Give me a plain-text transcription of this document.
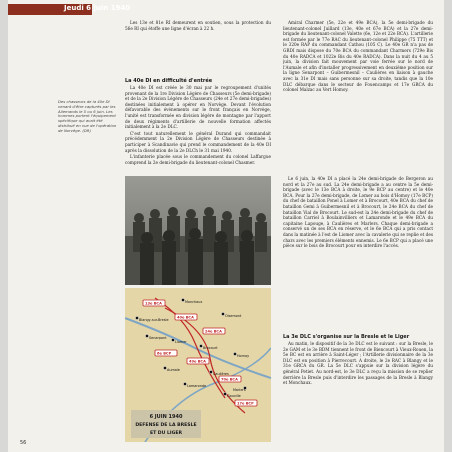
Jeudi 6 juin 1940
Des chasseurs de la 40e DI venant d'être capturés par les Allemands le 5 ou 6 juin. Les hommes portent l'équipement spécifique qui avait été distribué en vue de l'opération de Norvège. (DR)

Les 13e et 81e RI demeurent en soutien, sous la protection du 56e RI qui étoffe une ligne d'écran à 22 h.

La 40e DI en difficulté d'entrée

La 40e DI est créée le 30 mai par le regroupement d'unités provenant de la 1re Division Légère de Chasseurs (5e demi-brigade) et de la 2e Division Légère de Chasseurs (24e et 27e demi-brigades) destinées initialement à opérer en Norvège. Devant l'évolution défavorable des événements sur le front français en Norvège, l'unité est transformée en division légère de montagne par l'apport de deux régiments d'artillerie de nouvelle formation affectés initialement à la 2e DLC.

C'est tout naturellement le général Durand qui commandait précédemment la 2e Division Légère de Chasseurs destinée à participer à Scandinavie qui prend le commandement de la 40e DI après la dissolution de la 2e DLCh le 31 mai 1940.

L'infanterie placée sous le commandement du colonel Laffargue comprend la 2e demi-brigade du lieutenant-colonel Chasmer.

Amiral Charmer (5e, 22e et 49e BCA), la 5e demi-brigade du lieutenant-colonel Juillard (13e, 40e et 67e BCA) et la 27e demi-brigade du lieutenant-colonel Valette (6e, 12e et 22e BCA). L'artillerie est formée par le 77e RAC du lieutenant-colonel Philippe (75 TTT) et le 320e RAP du commandant Cathou (105 C). Le 40e GR n'a pas de GRDI mais dispose du 70e BCA du commandant Charmers (729e Bis du 40e RADCA et 1022e Bis du 40e RADCA). Dans la nuit du 4 au 5 juin, la division fait mouvement par voie ferrée sur le nord de l'Aumale et afin d'installer progressivement en deuxième position sur la ligne Senarpont – Guibermesnil – Caulières en liaison à gauche avec la 31e DI mais sans personne sur sa droite, tandis que la 10e DLC débarque dans le secteur de Fouencamps et 17e GRCA du colonel Malzac au Vert Homoy.

Le 6 juin, la 40e DI a placé la 24e demi-brigade de Bergeron au nord et la 27e au sud. La 24e demi-brigade a au centre la 5e demi-brigade (avec le 13e BCA à droite, le 9e BCP au centre) et le 40e BCA. Pour la 27e demi-brigade, de Lomer au bois d'Homoy (17e BCP) du chef de bataillon Ponel à Lomer et à Brocourt, 40e BCA du chef de bataillon Gemi à Guibermesnil et à Brocourt, le 24e BCA du chef de bataillon Vial de Brocourt. Le sud-est la 24e demi-brigade du chef de bataillon Carriel à Boulainvilliers et Lamaronde et le 49e BCA du capitaine Lapouge, à Caulières et Marlers. Chaque demi-brigade a conservé un de ses BCA en réserve, et le 6e BCA qui a pris contact dans la matinée à l'est de Liomer avec la cavalerie qui se replie et des chars avec les premiers éléments ennemis. Le 6e BCP qui a placé une pièce sur le bois de Brocourt pour en interdire l'accès.

La 3e DLC s'organise sur la Bresle et le Liger

Au matin, le dispositif de la 3e DLC est le suivant : sur la Bresle, le 2e GAM et le 3e BDM tiennent le front de Biencourt à Vieux-Rouen, la 5e BC est en arrière à Saint-Léger ; l'Artillerie divisionnaire de la 3e DLC est en position à Pierrecourt. A droite, le 2e RAC à Blangy et le 31e GRCA du GR. La 5e DLC s'appuie sur la division légère du général Petiet. Au nord-est, le 3e DLC a reçu la mission de se replier derrière la Bresle puis d'interdire les passages de la Bresle à Blangy et Monchaux.

13e BCA
40e BCA
24e BCA
6e BCP
49e BCA
70e BCA
17e BCP
Blangy-sur-Bresle
Monchaux
Oisemont
Senarpont
Liomer
Brocourt
Hornoy
Aumale
Caulières
Marlers
Lamaronde
Gauville
6 JUIN 1940
DEFENSE DE LA BRESLE
ET DU LIGER
56
